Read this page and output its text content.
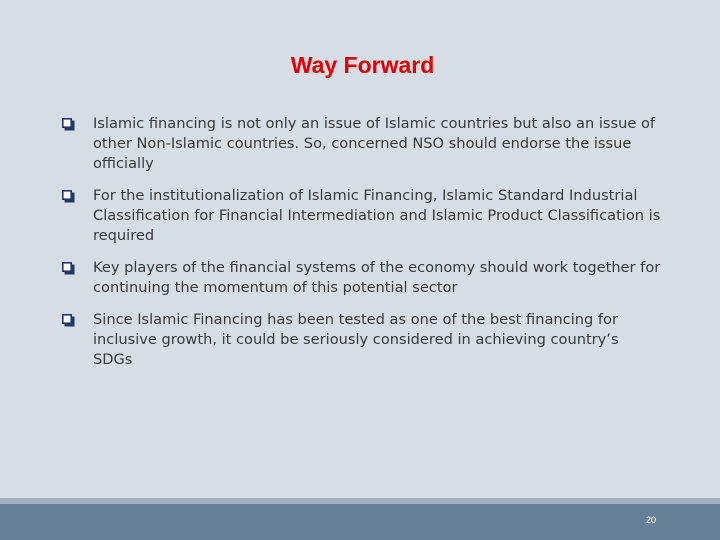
Way Forward
Islamic financing is not only an issue of Islamic countries but also an issue of other Non-Islamic countries. So, concerned NSO should endorse the issue officially
For the institutionalization of Islamic Financing, Islamic Standard Industrial Classification for Financial Intermediation and Islamic Product Classification is required
Key players of the financial systems of the economy should work together for continuing the momentum of this potential sector
Since Islamic Financing has been tested as one of the best financing for inclusive growth, it could be seriously considered in achieving country’s SDGs
20
